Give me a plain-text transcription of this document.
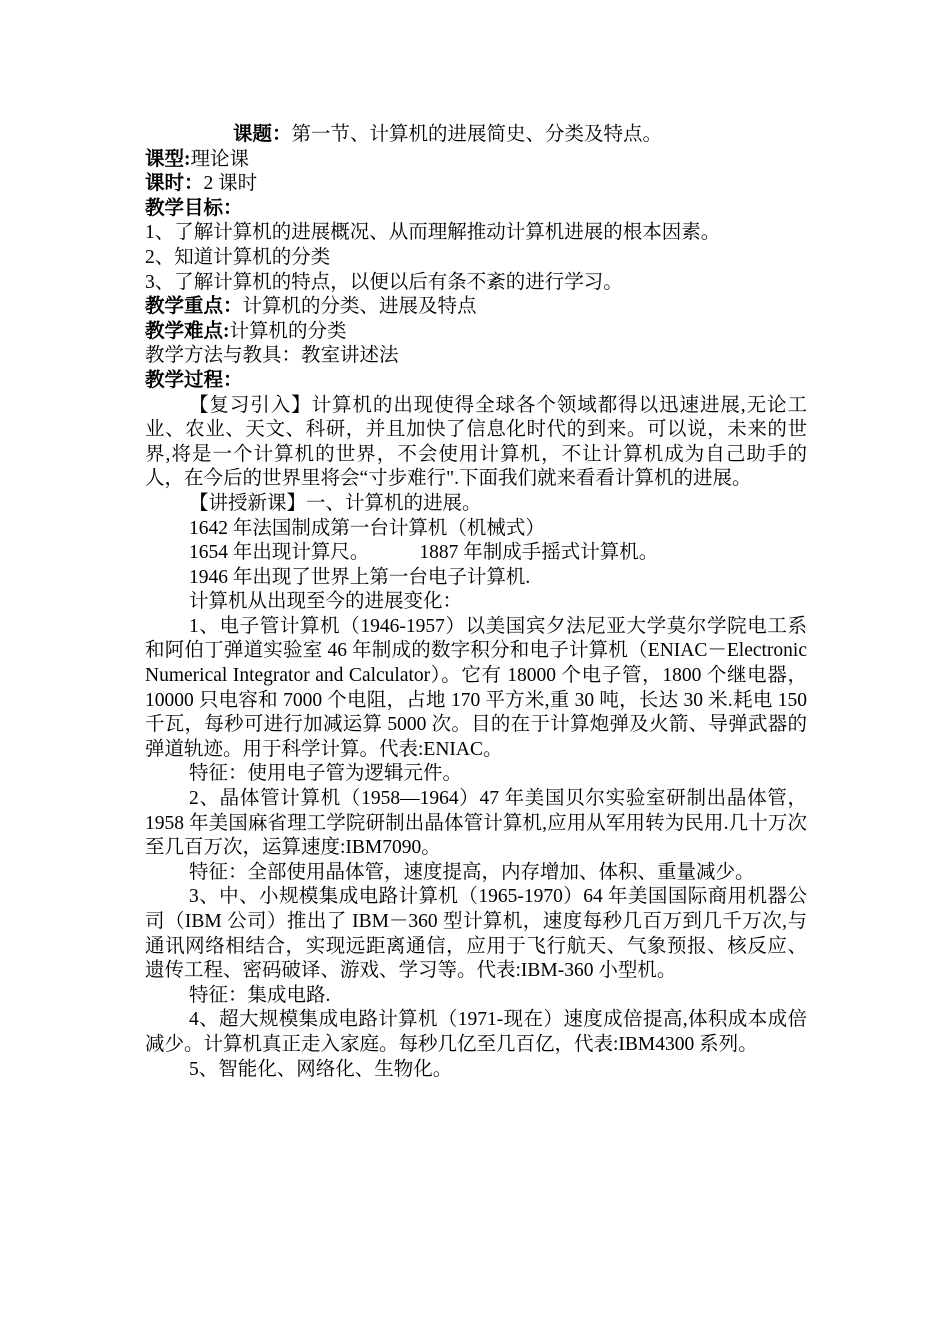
课题：第一节、计算机的进展简史、分类及特点。
课型:理论课
课时：2 课时
教学目标：
1、了解计算机的进展概况、从而理解推动计算机进展的根本因素。
2、知道计算机的分类
3、了解计算机的特点，以便以后有条不紊的进行学习。
教学重点：计算机的分类、进展及特点
教学难点:计算机的分类
教学方法与教具：教室讲述法
教学过程：

【复习引入】计算机的出现使得全球各个领域都得以迅速进展,无论工业、农业、天文、科研，并且加快了信息化时代的到来。可以说，未来的世界,将是一个计算机的世界，不会使用计算机，不让计算机成为自己助手的人，在今后的世界里将会“寸步难行".下面我们就来看看计算机的进展。

【讲授新课】一、计算机的进展。
1642 年法国制成第一台计算机（机械式）
1654 年出现计算尺。	1887 年制成手摇式计算机。
1946 年出现了世界上第一台电子计算机.
计算机从出现至今的进展变化：

1、电子管计算机（1946-1957）以美国宾夕法尼亚大学莫尔学院电工系和阿伯丁弹道实验室 46 年制成的数字积分和电子计算机（ENIAC－Electronic Numerical Integrator and Calculator）。它有 18000 个电子管，1800 个继电器，10000 只电容和 7000 个电阻，占地 170 平方米,重 30 吨，长达 30 米.耗电 150 千瓦，每秒可进行加减运算 5000 次。目的在于计算炮弹及火箭、导弹武器的弹道轨迹。用于科学计算。代表:ENIAC。

特征：使用电子管为逻辑元件。

2、晶体管计算机（1958—1964）47 年美国贝尔实验室研制出晶体管，1958 年美国麻省理工学院研制出晶体管计算机,应用从军用转为民用.几十万次至几百万次，运算速度:IBM7090。

特征：全部使用晶体管，速度提高，内存增加、体积、重量减少。

3、中、小规模集成电路计算机（1965-1970）64 年美国国际商用机器公司（IBM 公司）推出了 IBM－360 型计算机，速度每秒几百万到几千万次,与通讯网络相结合，实现远距离通信，应用于飞行航天、气象预报、核反应、遗传工程、密码破译、游戏、学习等。代表:IBM-360 小型机。

特征：集成电路.

4、超大规模集成电路计算机（1971-现在）速度成倍提高,体积成本成倍减少。计算机真正走入家庭。每秒几亿至几百亿，代表:IBM4300 系列。

5、智能化、网络化、生物化。
